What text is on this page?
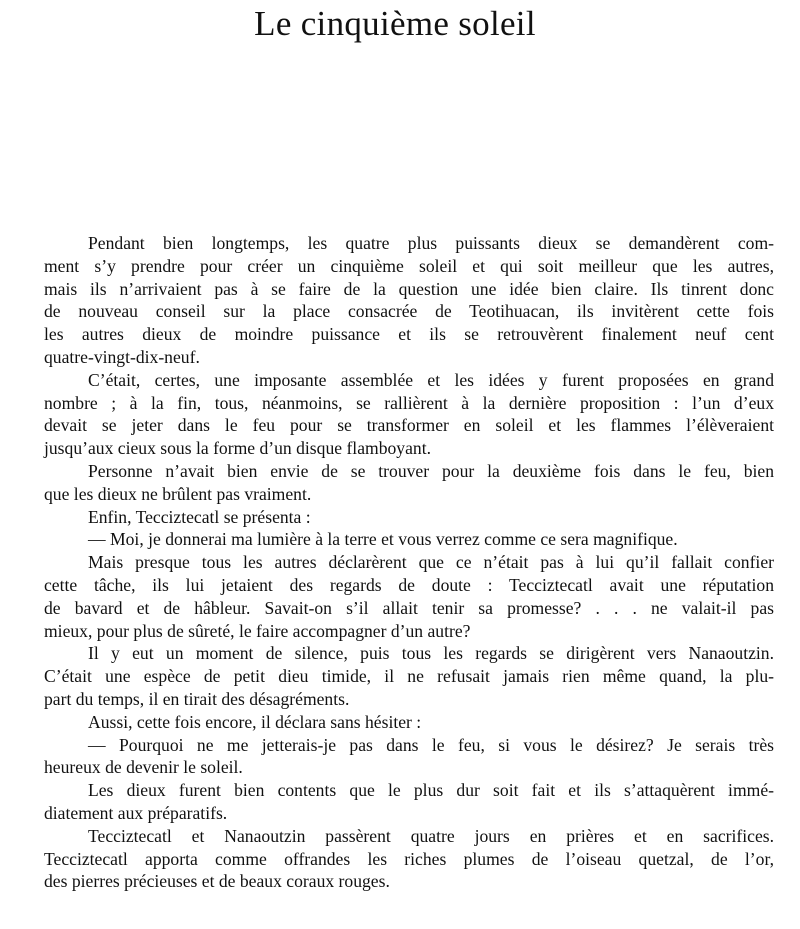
Le cinquième soleil
Pendant bien longtemps, les quatre plus puissants dieux se demandèrent com-
ment s’y prendre pour créer un cinquième soleil et qui soit meilleur que les autres,
mais ils n’arrivaient pas à se faire de la question une idée bien claire. Ils tinrent donc
de nouveau conseil sur la place consacrée de Teotihuacan, ils invitèrent cette fois
les autres dieux de moindre puissance et ils se retrouvèrent finalement neuf cent
quatre-vingt-dix-neuf.
C’était, certes, une imposante assemblée et les idées y furent proposées en grand
nombre ; à la fin, tous, néanmoins, se rallièrent à la dernière proposition : l’un d’eux
devait se jeter dans le feu pour se transformer en soleil et les flammes l’élèveraient
jusqu’aux cieux sous la forme d’un disque flamboyant.
Personne n’avait bien envie de se trouver pour la deuxième fois dans le feu, bien
que les dieux ne brûlent pas vraiment.
Enfin, Tecciztecatl se présenta :
— Moi, je donnerai ma lumière à la terre et vous verrez comme ce sera magnifique.
Mais presque tous les autres déclarèrent que ce n’était pas à lui qu’il fallait confier
cette tâche, ils lui jetaient des regards de doute : Tecciztecatl avait une réputation
de bavard et de hâbleur. Savait-on s’il allait tenir sa promesse? . . . ne valait-il pas
mieux, pour plus de sûreté, le faire accompagner d’un autre?
Il y eut un moment de silence, puis tous les regards se dirigèrent vers Nanaoutzin.
C’était une espèce de petit dieu timide, il ne refusait jamais rien même quand, la plu-
part du temps, il en tirait des désagréments.
Aussi, cette fois encore, il déclara sans hésiter :
— Pourquoi ne me jetterais-je pas dans le feu, si vous le désirez? Je serais très
heureux de devenir le soleil.
Les dieux furent bien contents que le plus dur soit fait et ils s’attaquèrent immé-
diatement aux préparatifs.
Tecciztecatl et Nanaoutzin passèrent quatre jours en prières et en sacrifices.
Tecciztecatl apporta comme offrandes les riches plumes de l’oiseau quetzal, de l’or,
des pierres précieuses et de beaux coraux rouges.
